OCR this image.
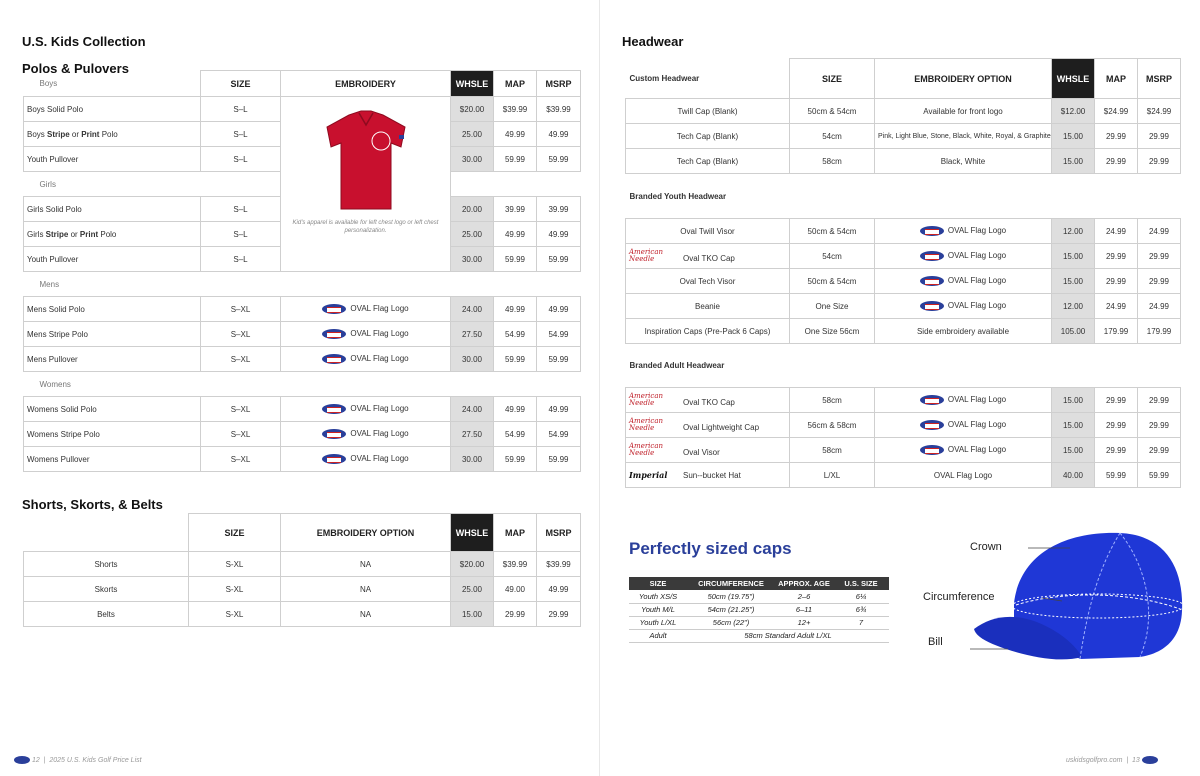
U.S. Kids Collection
Polos & Pulovers
Boys	SIZE	EMBROIDERY	WHSLE	MAP	MSRP
Boys Solid Polo	S–L	Kid's apparel is available for left chest logo or left chest personalization.	$20.00	$39.99	$39.99
Boys Stripe or Print Polo	S–L		25.00	49.99	49.99
Youth Pullover	S–L		30.00	59.99	59.99
Girls					
Girls Solid Polo	S–L		20.00	39.99	39.99
Girls Stripe or Print Polo	S–L		25.00	49.99	49.99
Youth Pullover	S–L		30.00	59.99	59.99
Mens					
Mens Solid Polo	S–XL	OVAL Flag Logo	24.00	49.99	49.99
Mens Stripe Polo	S–XL	OVAL Flag Logo	27.50	54.99	54.99
Mens Pullover	S–XL	OVAL Flag Logo	30.00	59.99	59.99
Womens					
Womens Solid Polo	S–XL	OVAL Flag Logo	24.00	49.99	49.99
Womens Stripe Polo	S–XL	OVAL Flag Logo	27.50	54.99	54.99
Womens Pullover	S–XL	OVAL Flag Logo	30.00	59.99	59.99
Shorts, Skorts, & Belts
	SIZE	EMBROIDERY OPTION	WHSLE	MAP	MSRP
Shorts	S-XL	NA	$20.00	$39.99	$39.99
Skorts	S-XL	NA	25.00	49.00	49.99
Belts	S-XL	NA	15.00	29.99	29.99
12 | 2025 U.S. Kids Golf Price List
Headwear
Custom Headwear	SIZE	EMBROIDERY OPTION	WHSLE	MAP	MSRP
Twill Cap (Blank)	50cm & 54cm	Available for front logo	$12.00	$24.99	$24.99
Tech Cap (Blank)	54cm	Pink, Light Blue, Stone, Black, White, Royal, & Graphite	15.00	29.99	29.99
Tech Cap (Blank)	58cm	Black, White	15.00	29.99	29.99
Branded Youth Headwear					
Oval Twill Visor	50cm & 54cm	OVAL Flag Logo	12.00	24.99	24.99
American
Needle Oval TKO Cap	54cm	OVAL Flag Logo	15.00	29.99	29.99
Oval Tech Visor	50cm & 54cm	OVAL Flag Logo	15.00	29.99	29.99
Beanie	One Size	OVAL Flag Logo	12.00	24.99	24.99
Inspiration Caps (Pre-Pack 6 Caps)	One Size 56cm	Side embroidery available	105.00	179.99	179.99
Branded Adult Headwear					
American
Needle Oval TKO Cap	58cm	OVAL Flag Logo	15.00	29.99	29.99
American
Needle Oval Lightweight Cap	56cm & 58cm	OVAL Flag Logo	15.00	29.99	29.99
American
Needle Oval Visor	58cm	OVAL Flag Logo	15.00	29.99	29.99
Imperial Sun--bucket Hat	L/XL	OVAL Flag Logo	40.00	59.99	59.99
Perfectly sized caps
SIZE	CIRCUMFERENCE	APPROX. AGE	U.S. SIZE
Youth XS/S	50cm (19.75")	2–6	6¼
Youth M/L	54cm (21.25")	6–11	6¾
Youth L/XL	56cm (22")	12+	7
Adult	58cm Standard Adult L/XL		
Crown
Circumference
Bill
uskidsgolfpro.com | 13
